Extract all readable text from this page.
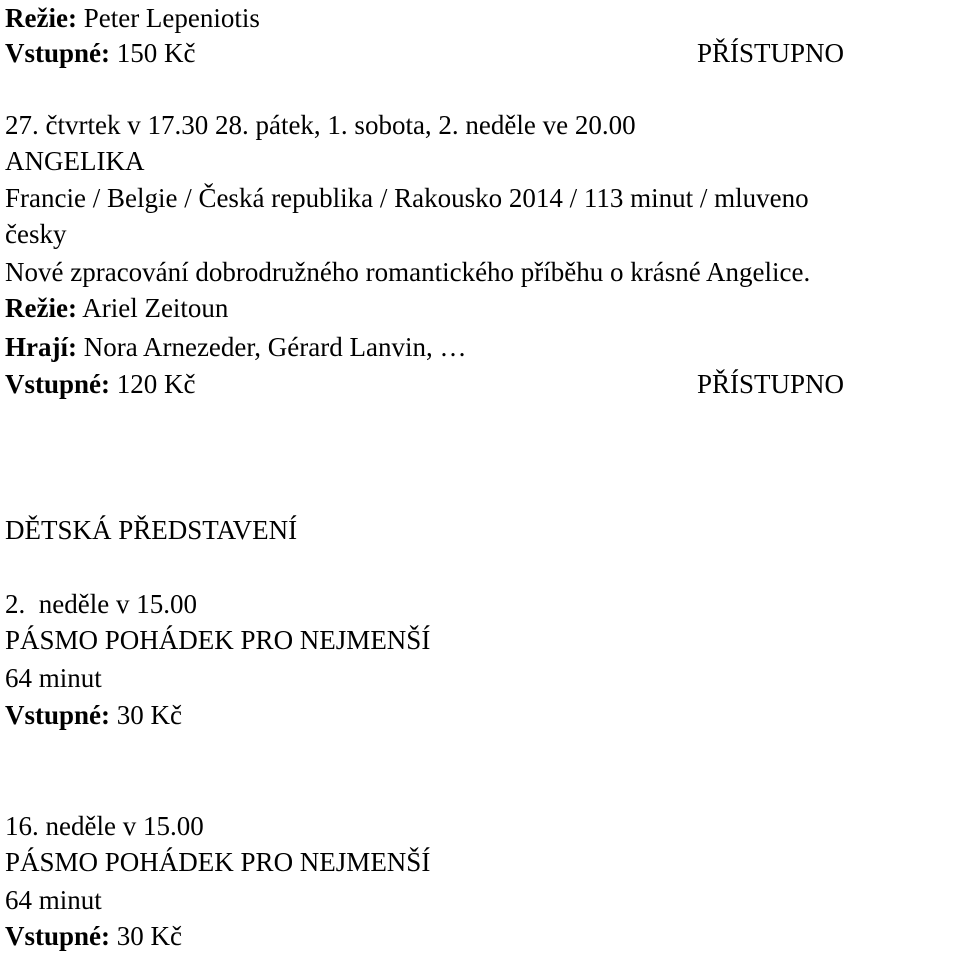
Režie: Peter Lepeniotis
Vstupné: 150 Kč	PŘÍSTUPNO
27. čtvrtek v 17.30 28. pátek, 1. sobota, 2. neděle ve 20.00
ANGELIKA
Francie / Belgie / Česká republika / Rakousko 2014 / 113 minut / mluveno
česky
Nové zpracování dobrodružného romantického příběhu o krásné Angelice.
Režie: Ariel Zeitoun
Hrají: Nora Arnezeder, Gérard Lanvin, …
Vstupné: 120 Kč	PŘÍSTUPNO
DĚTSKÁ PŘEDSTAVENÍ
2.  neděle v 15.00
PÁSMO POHÁDEK PRO NEJMENŠÍ
64 minut
Vstupné: 30 Kč
16. neděle v 15.00
PÁSMO POHÁDEK PRO NEJMENŠÍ
64 minut
Vstupné: 30 Kč
